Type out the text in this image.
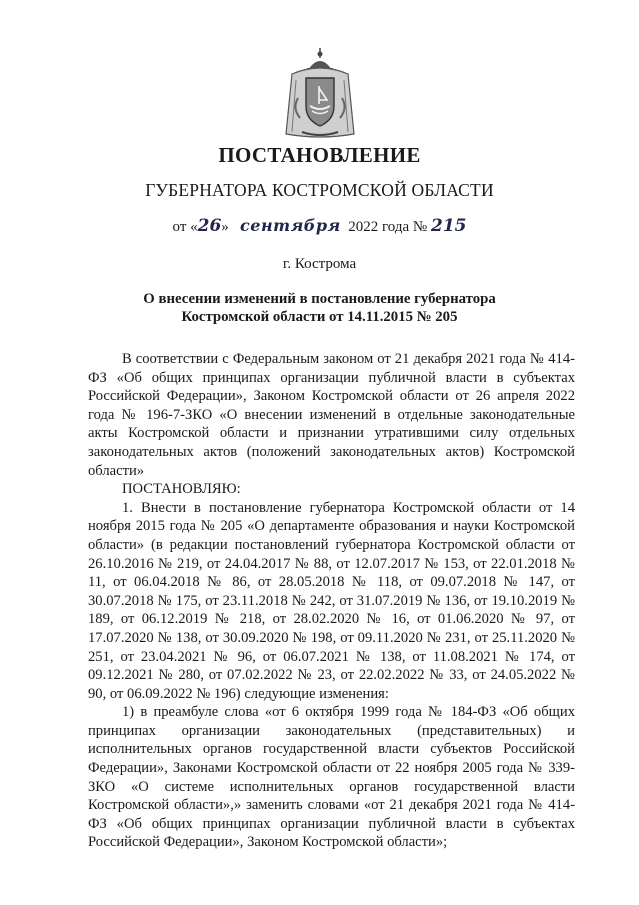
ПОСТАНОВЛЕНИЕ
ГУБЕРНАТОРА КОСТРОМСКОЙ ОБЛАСТИ
от «26» сентября 2022 года № 215
г. Кострома
О внесении изменений в постановление губернатора
Костромской области от 14.11.2015 № 205

В соответствии с Федеральным законом от 21 декабря 2021 года № 414-ФЗ «Об общих принципах организации публичной власти в субъектах Российской Федерации», Законом Костромской области от 26 апреля 2022 года № 196-7-ЗКО «О внесении изменений в отдельные законодательные акты Костромской области и признании утратившими силу отдельных законодательных актов (положений законодательных актов) Костромской области»

ПОСТАНОВЛЯЮ:

1. Внести в постановление губернатора Костромской области от 14 ноября 2015 года № 205 «О департаменте образования и науки Костромской области» (в редакции постановлений губернатора Костромской области от 26.10.2016 № 219, от 24.04.2017 № 88, от 12.07.2017 № 153, от 22.01.2018 № 11, от 06.04.2018 № 86, от 28.05.2018 № 118, от 09.07.2018 № 147, от 30.07.2018 № 175, от 23.11.2018 № 242, от 31.07.2019 № 136, от 19.10.2019 № 189, от 06.12.2019 № 218, от 28.02.2020 № 16, от 01.06.2020 № 97, от 17.07.2020 № 138, от 30.09.2020 № 198, от 09.11.2020 № 231, от 25.11.2020 № 251, от 23.04.2021 № 96, от 06.07.2021 № 138, от 11.08.2021 № 174, от 09.12.2021 № 280, от 07.02.2022 № 23, от 22.02.2022 № 33, от 24.05.2022 № 90, от 06.09.2022 № 196) следующие изменения:

1) в преамбуле слова «от 6 октября 1999 года № 184-ФЗ «Об общих принципах организации законодательных (представительных) и исполнительных органов государственной власти субъектов Российской Федерации», Законами Костромской области от 22 ноября 2005 года № 339-ЗКО «О системе исполнительных органов государственной власти Костромской области»,» заменить словами «от 21 декабря 2021 года № 414-ФЗ «Об общих принципах организации публичной власти в субъектах Российской Федерации», Законом Костромской области»;
